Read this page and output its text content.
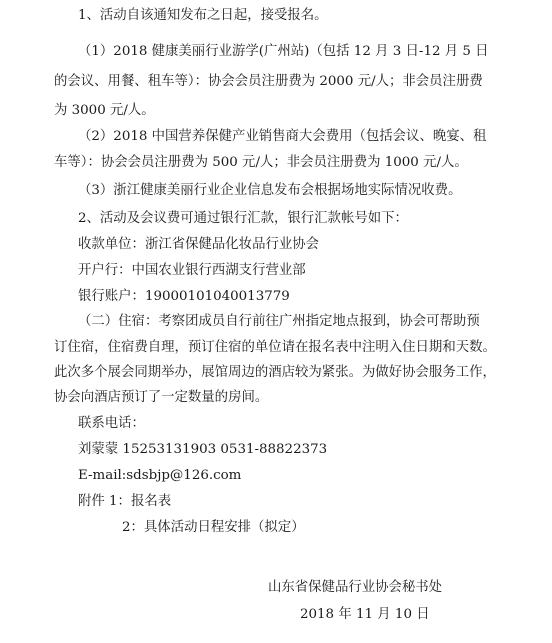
1、活动自该通知发布之日起，接受报名。
（1）2018 健康美丽行业游学(广州站)（包括 12 月 3 日-12 月 5 日
的会议、用餐、租车等）：协会会员注册费为 2000 元/人；非会员注册费
为 3000 元/人。
（2）2018 中国营养保健产业销售商大会费用（包括会议、晚宴、租
车等）：协会会员注册费为 500 元/人；非会员注册费为 1000 元/人。
（3）浙江健康美丽行业企业信息发布会根据场地实际情况收费。
2、活动及会议费可通过银行汇款，银行汇款帐号如下：
收款单位：浙江省保健品化妆品行业协会
开户行：中国农业银行西湖支行营业部
银行账户：19000101040013779
（二）住宿：考察团成员自行前往广州指定地点报到，协会可帮助预
订住宿，住宿费自理，预订住宿的单位请在报名表中注明入住日期和天数。
此次多个展会同期举办，展馆周边的酒店较为紧张。为做好协会服务工作，
协会向酒店预订了一定数量的房间。
联系电话：
刘蒙蒙 15253131903 0531-88822373
E-mail:sdsbjp@126.com
附件 1：报名表
2：具体活动日程安排（拟定）
山东省保健品行业协会秘书处
2018 年 11 月 10 日
